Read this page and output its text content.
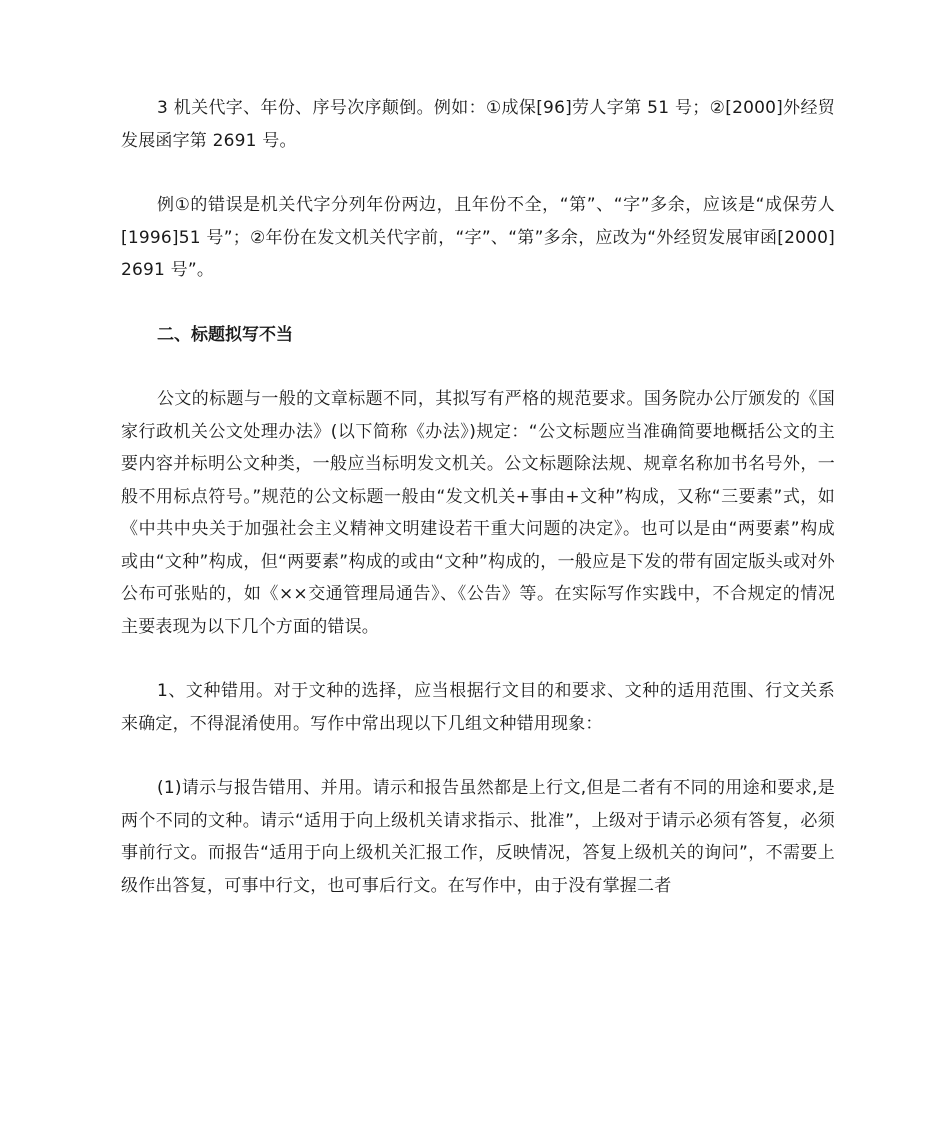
3 机关代字、年份、序号次序颠倒。例如：①成保[96]劳人字第 51 号；②[2000]外经贸发展函字第 2691 号。

例①的错误是机关代字分列年份两边，且年份不全，“第”、“字”多余，应该是“成保劳人[1996]51 号”；②年份在发文机关代字前，“字”、“第”多余，应改为“外经贸发展审函[2000]2691 号”。

二、标题拟写不当

公文的标题与一般的文章标题不同，其拟写有严格的规范要求。国务院办公厅颁发的《国家行政机关公文处理办法》(以下简称《办法》)规定：“公文标题应当准确简要地概括公文的主要内容并标明公文种类，一般应当标明发文机关。公文标题除法规、规章名称加书名号外，一般不用标点符号。”规范的公文标题一般由“发文机关+事由+文种”构成，又称“三要素”式，如《中共中央关于加强社会主义精神文明建设若干重大问题的决定》。也可以是由“两要素”构成或由“文种”构成，但“两要素”构成的或由“文种”构成的，一般应是下发的带有固定版头或对外公布可张贴的，如《××交通管理局通告》、《公告》等。在实际写作实践中，不合规定的情况主要表现为以下几个方面的错误。

1、文种错用。对于文种的选择，应当根据行文目的和要求、文种的适用范围、行文关系来确定，不得混淆使用。写作中常出现以下几组文种错用现象：

(1)请示与报告错用、并用。请示和报告虽然都是上行文,但是二者有不同的用途和要求,是两个不同的文种。请示“适用于向上级机关请求指示、批准”，上级对于请示必须有答复，必须事前行文。而报告“适用于向上级机关汇报工作，反映情况，答复上级机关的询问”，不需要上级作出答复，可事中行文，也可事后行文。在写作中，由于没有掌握二者
